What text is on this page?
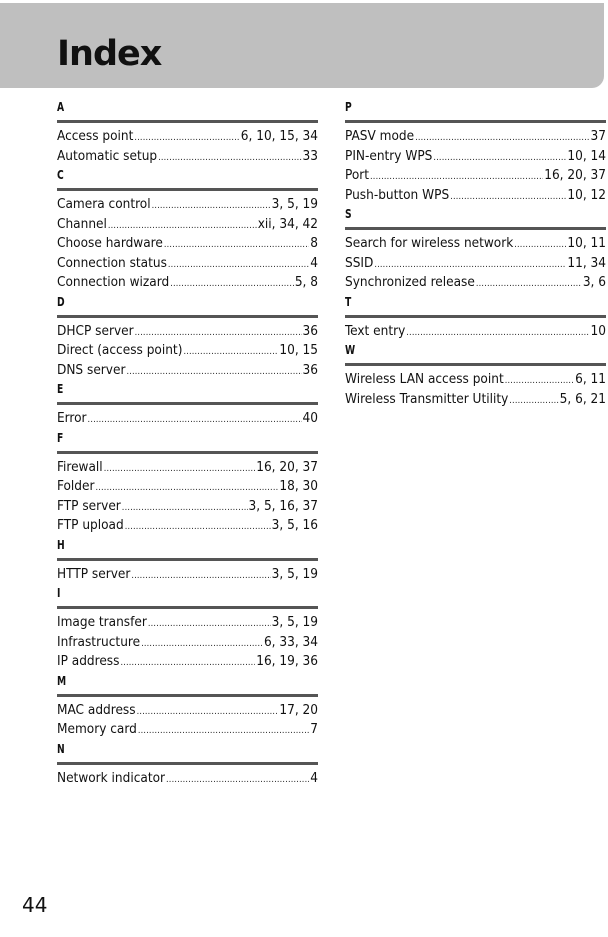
Index
A
Access point .....	6, 10, 15, 34
Automatic setup .....	33
C
Camera control .....	3, 5, 19
Channel .....	xii, 34, 42
Choose hardware .....	8
Connection status .....	4
Connection wizard .....	5, 8
D
DHCP server .....	36
Direct (access point) .....	10, 15
DNS server .....	36
E
Error .....	40
F
Firewall .....	16, 20, 37
Folder .....	18, 30
FTP server .....	3, 5, 16, 37
FTP upload .....	3, 5, 16
H
HTTP server .....	3, 5, 19
I
Image transfer .....	3, 5, 19
Infrastructure .....	6, 33, 34
IP address .....	16, 19, 36
M
MAC address .....	17, 20
Memory card .....	7
N
Network indicator .....	4
P
PASV mode .....	37
PIN-entry WPS .....	10, 14
Port .....	16, 20, 37
Push-button WPS .....	10, 12
S
Search for wireless network .....	10, 11
SSID .....	11, 34
Synchronized release .....	3, 6
T
Text entry .....	10
W
Wireless LAN access point .....	6, 11
Wireless Transmitter Utility .....	5, 6, 21

44
